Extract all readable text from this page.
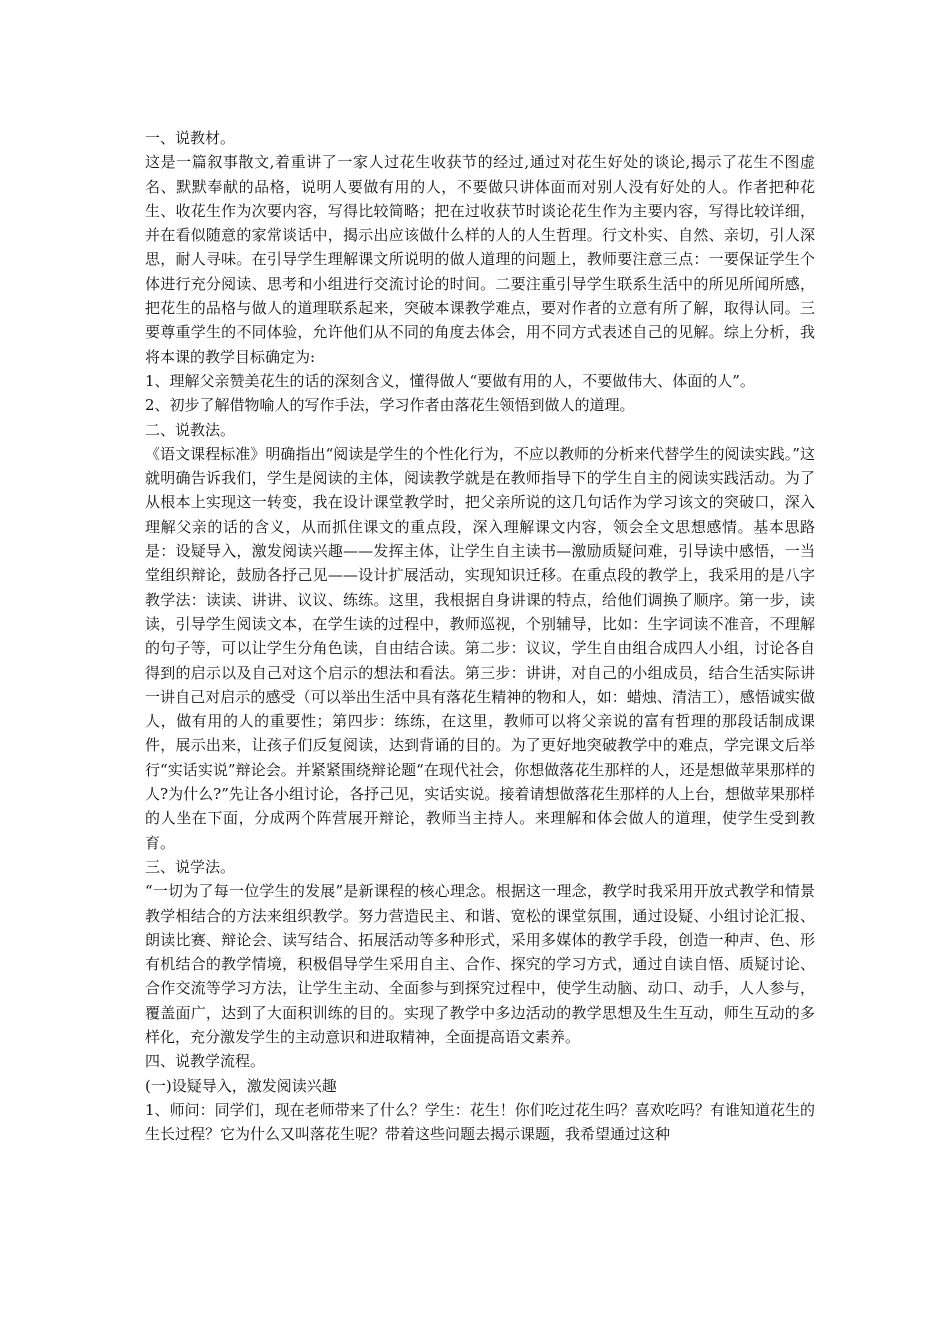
一、说教材。

这是一篇叙事散文,着重讲了一家人过花生收获节的经过,通过对花生好处的谈论,揭示了花生不图虚名、默默奉献的品格，说明人要做有用的人，不要做只讲体面而对别人没有好处的人。作者把种花生、收花生作为次要内容，写得比较简略；把在过收获节时谈论花生作为主要内容，写得比较详细，并在看似随意的家常谈话中，揭示出应该做什么样的人的人生哲理。行文朴实、自然、亲切，引人深思，耐人寻味。在引导学生理解课文所说明的做人道理的问题上，教师要注意三点：一要保证学生个体进行充分阅读、思考和小组进行交流讨论的时间。二要注重引导学生联系生活中的所见所闻所感，把花生的品格与做人的道理联系起来，突破本课教学难点，要对作者的立意有所了解，取得认同。三要尊重学生的不同体验，允许他们从不同的角度去体会，用不同方式表述自己的见解。综上分析，我将本课的教学目标确定为:

1、理解父亲赞美花生的话的深刻含义，懂得做人“要做有用的人，不要做伟大、体面的人”。

2、初步了解借物喻人的写作手法，学习作者由落花生领悟到做人的道理。

二、说教法。

《语文课程标准》明确指出“阅读是学生的个性化行为，不应以教师的分析来代替学生的阅读实践。”这就明确告诉我们，学生是阅读的主体，阅读教学就是在教师指导下的学生自主的阅读实践活动。为了从根本上实现这一转变，我在设计课堂教学时，把父亲所说的这几句话作为学习该文的突破口，深入理解父亲的话的含义，从而抓住课文的重点段，深入理解课文内容，领会全文思想感情。基本思路是：设疑导入，激发阅读兴趣——发挥主体，让学生自主读书—激励质疑问难，引导读中感悟，一当堂组织辩论，鼓励各抒己见——设计扩展活动，实现知识迁移。在重点段的教学上，我采用的是八字教学法：读读、讲讲、议议、练练。这里，我根据自身讲课的特点，给他们调换了顺序。第一步，读读，引导学生阅读文本，在学生读的过程中，教师巡视，个别辅导，比如：生字词读不准音，不理解的句子等，可以让学生分角色读，自由结合读。第二步：议议，学生自由组合成四人小组，讨论各自得到的启示以及自己对这个启示的想法和看法。第三步：讲讲，对自己的小组成员，结合生活实际讲一讲自己对启示的感受（可以举出生活中具有落花生精神的物和人，如：蜡烛、清洁工），感悟诚实做人，做有用的人的重要性；第四步：练练，在这里，教师可以将父亲说的富有哲理的那段话制成课件，展示出来，让孩子们反复阅读，达到背诵的目的。为了更好地突破教学中的难点，学完课文后举行“实话实说”辩论会。并紧紧围绕辩论题“在现代社会，你想做落花生那样的人，还是想做苹果那样的人?为什么?”先让各小组讨论，各抒己见，实话实说。接着请想做落花生那样的人上台，想做苹果那样的人坐在下面，分成两个阵营展开辩论，教师当主持人。来理解和体会做人的道理，使学生受到教育。

三、说学法。

“一切为了每一位学生的发展”是新课程的核心理念。根据这一理念，教学时我采用开放式教学和情景教学相结合的方法来组织教学。努力营造民主、和谐、宽松的课堂氛围，通过设疑、小组讨论汇报、朗读比赛、辩论会、读写结合、拓展活动等多种形式，采用多媒体的教学手段，创造一种声、色、形有机结合的教学情境，积极倡导学生采用自主、合作、探究的学习方式，通过自读自悟、质疑讨论、合作交流等学习方法，让学生主动、全面参与到探究过程中，使学生动脑、动口、动手，人人参与，覆盖面广，达到了大面积训练的目的。实现了教学中多边活动的教学思想及生生互动，师生互动的多样化，充分激发学生的主动意识和进取精神，全面提高语文素养。

四、说教学流程。

(一)设疑导入，激发阅读兴趣

1、师问：同学们，现在老师带来了什么？学生：花生！你们吃过花生吗？喜欢吃吗？有谁知道花生的生长过程？它为什么又叫落花生呢？带着这些问题去揭示课题，我希望通过这种
